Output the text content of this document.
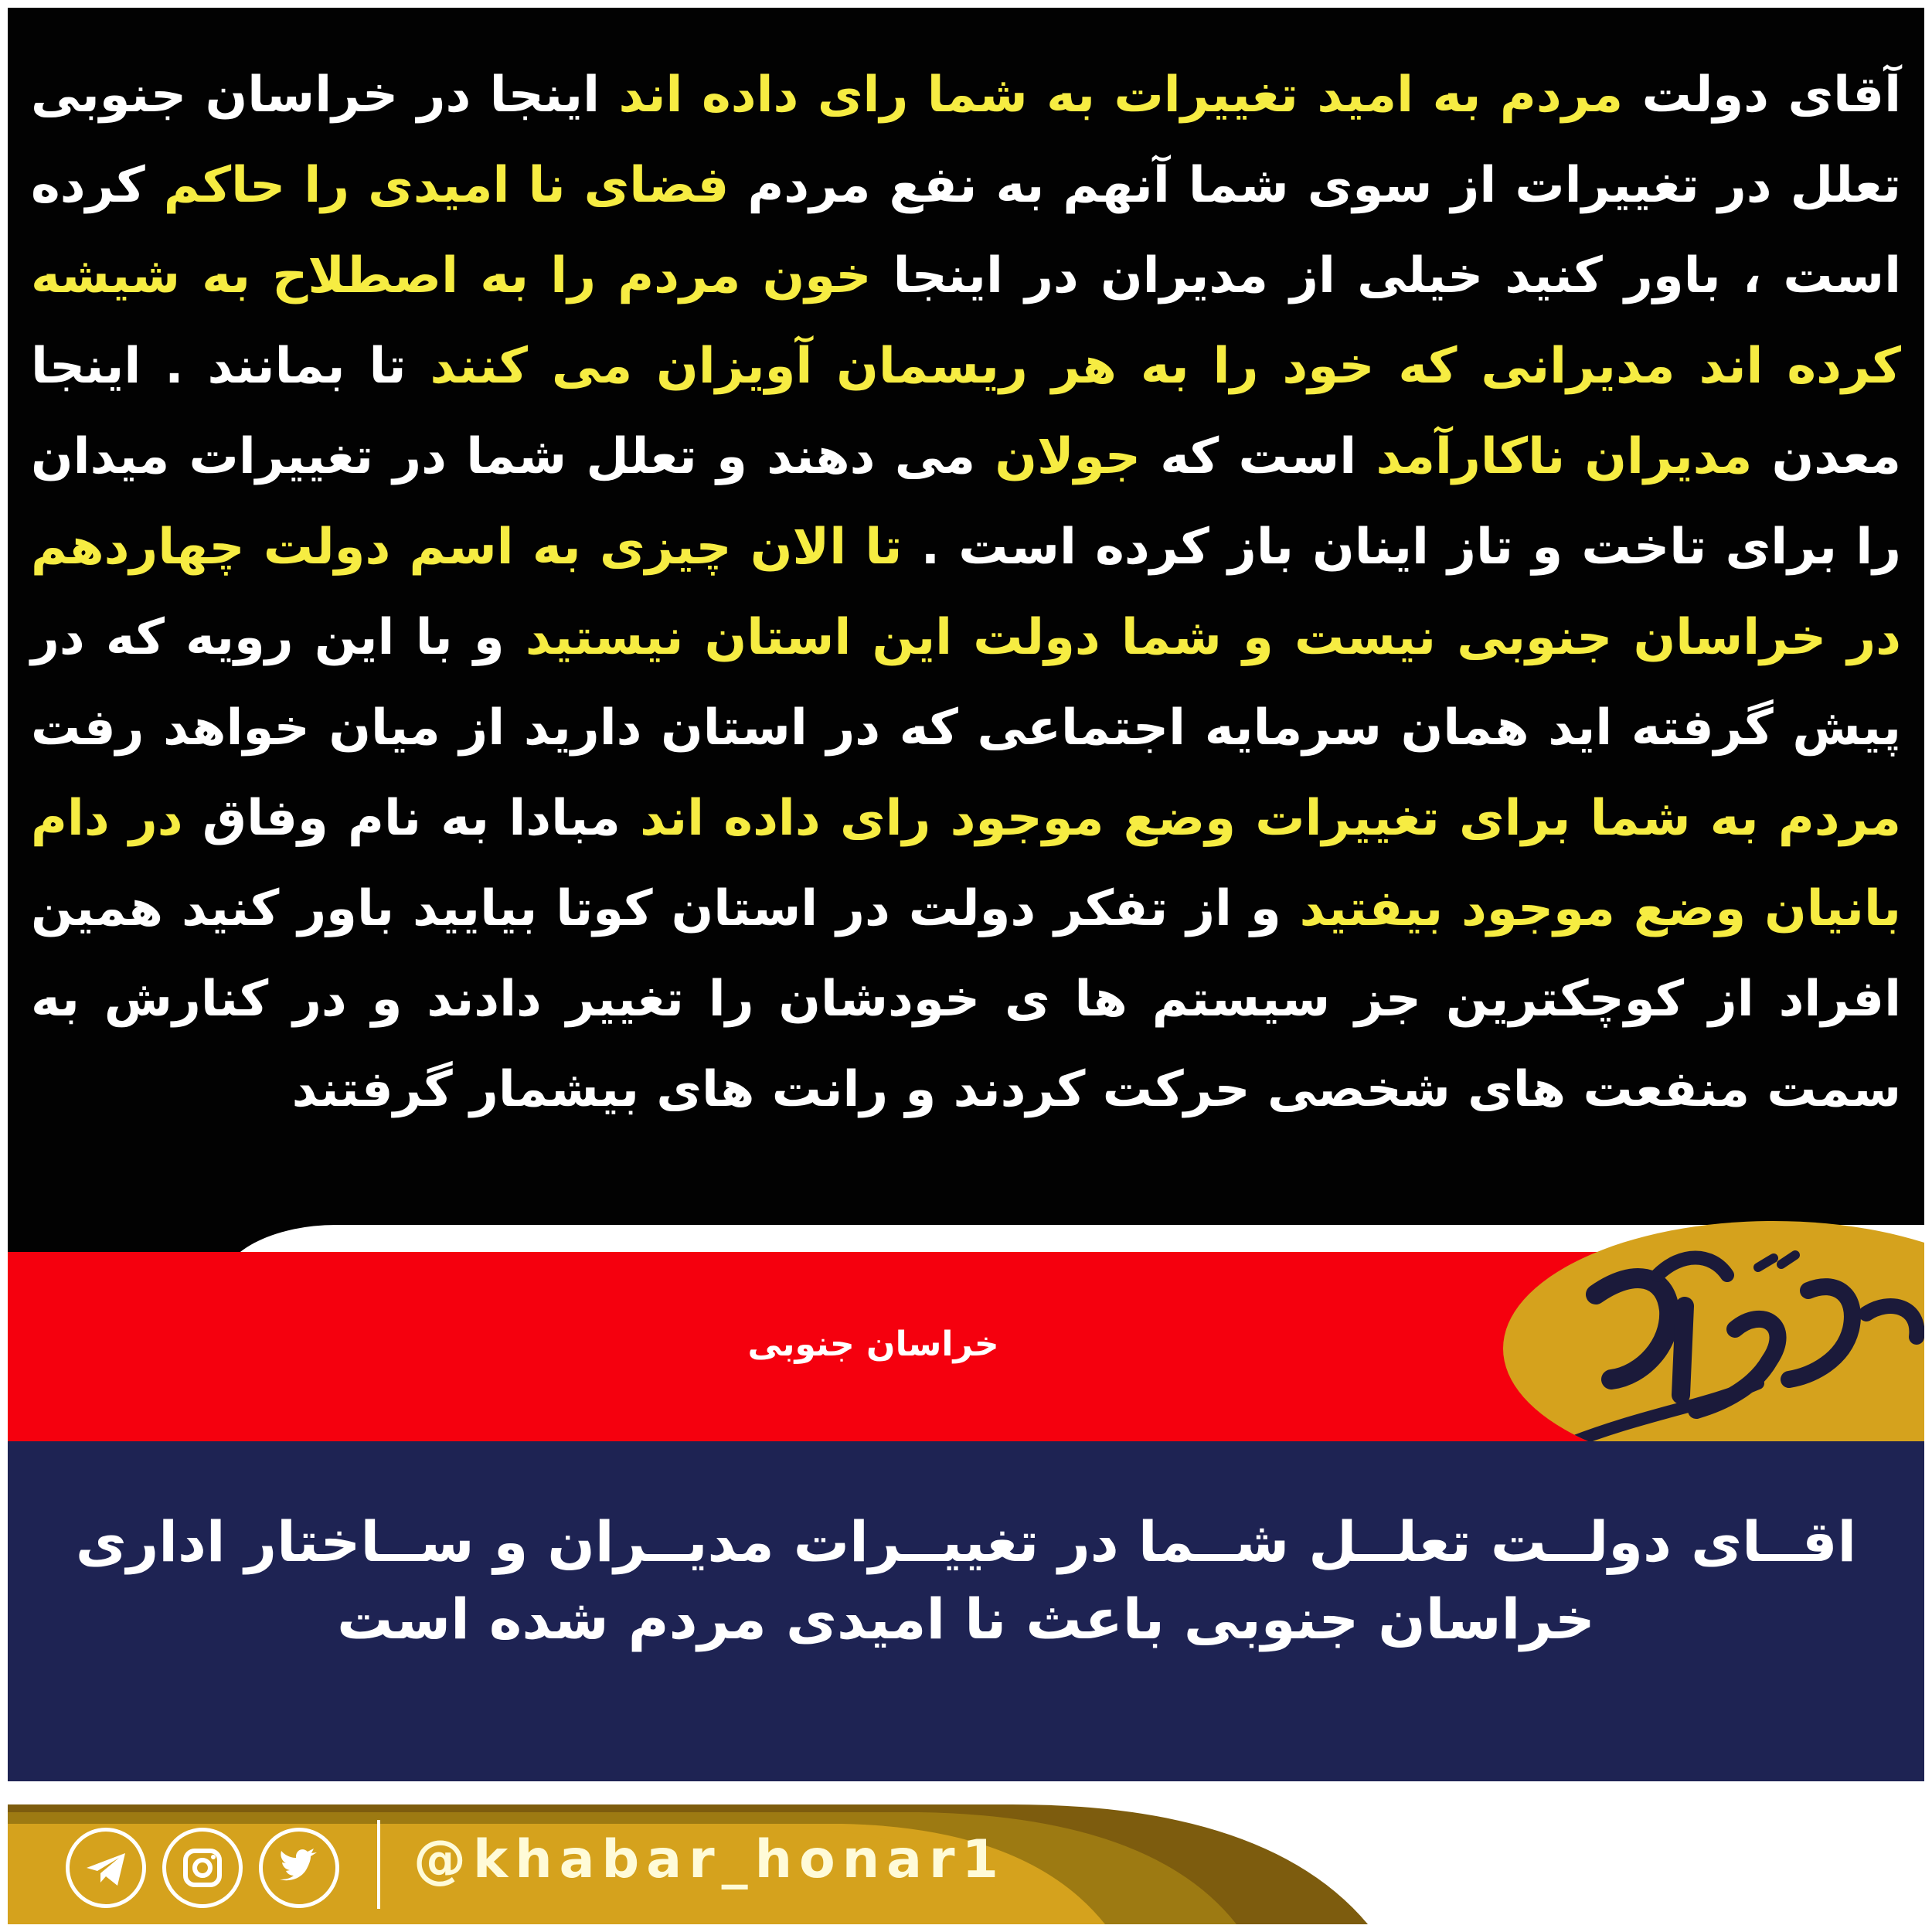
آقای دولت مردم به امید تغییرات به شما رای داده اند اینجا در خراسان جنوبی تعلل در تغییرات از سوی شما آنهم به نفع مردم فضای نا امیدی را حاکم کرده است ، باور کنید خیلی از مدیران در اینجا خون مردم را به اصطلاح به شیشه کرده اند مدیرانی که خود را به هر ریسمان آویزان می کنند تا بمانند . اینجا معدن مدیران ناکارآمد است که جولان می دهند و تعلل شما در تغییرات میدان را برای تاخت و تاز اینان باز کرده است . تا الان چیزی به اسم دولت چهاردهم در خراسان جنوبی نیست و شما دولت این استان نیستید و با این رویه که در پیش گرفته اید همان سرمایه اجتماعی که در استان دارید از میان خواهد رفت مردم به شما برای تغییرات وضع موجود رای داده اند مبادا به نام وفاق در دام بانیان وضع موجود بیفتید و از تفکر دولت در استان کوتا بیایید باور کنید همین افراد از کوچکترین جز سیستم ها ی خودشان را تغییر دادند و در کنارش به سمت منفعت های شخصی حرکت کردند و رانت های بیشمار گرفتند
خراسان جنوبی
اقــای دولــت تعلــل شــما در تغییــرات مدیــران و ســاختار اداری
خراسان جنوبی باعث نا امیدی مردم شده است
@khabar_honar1
